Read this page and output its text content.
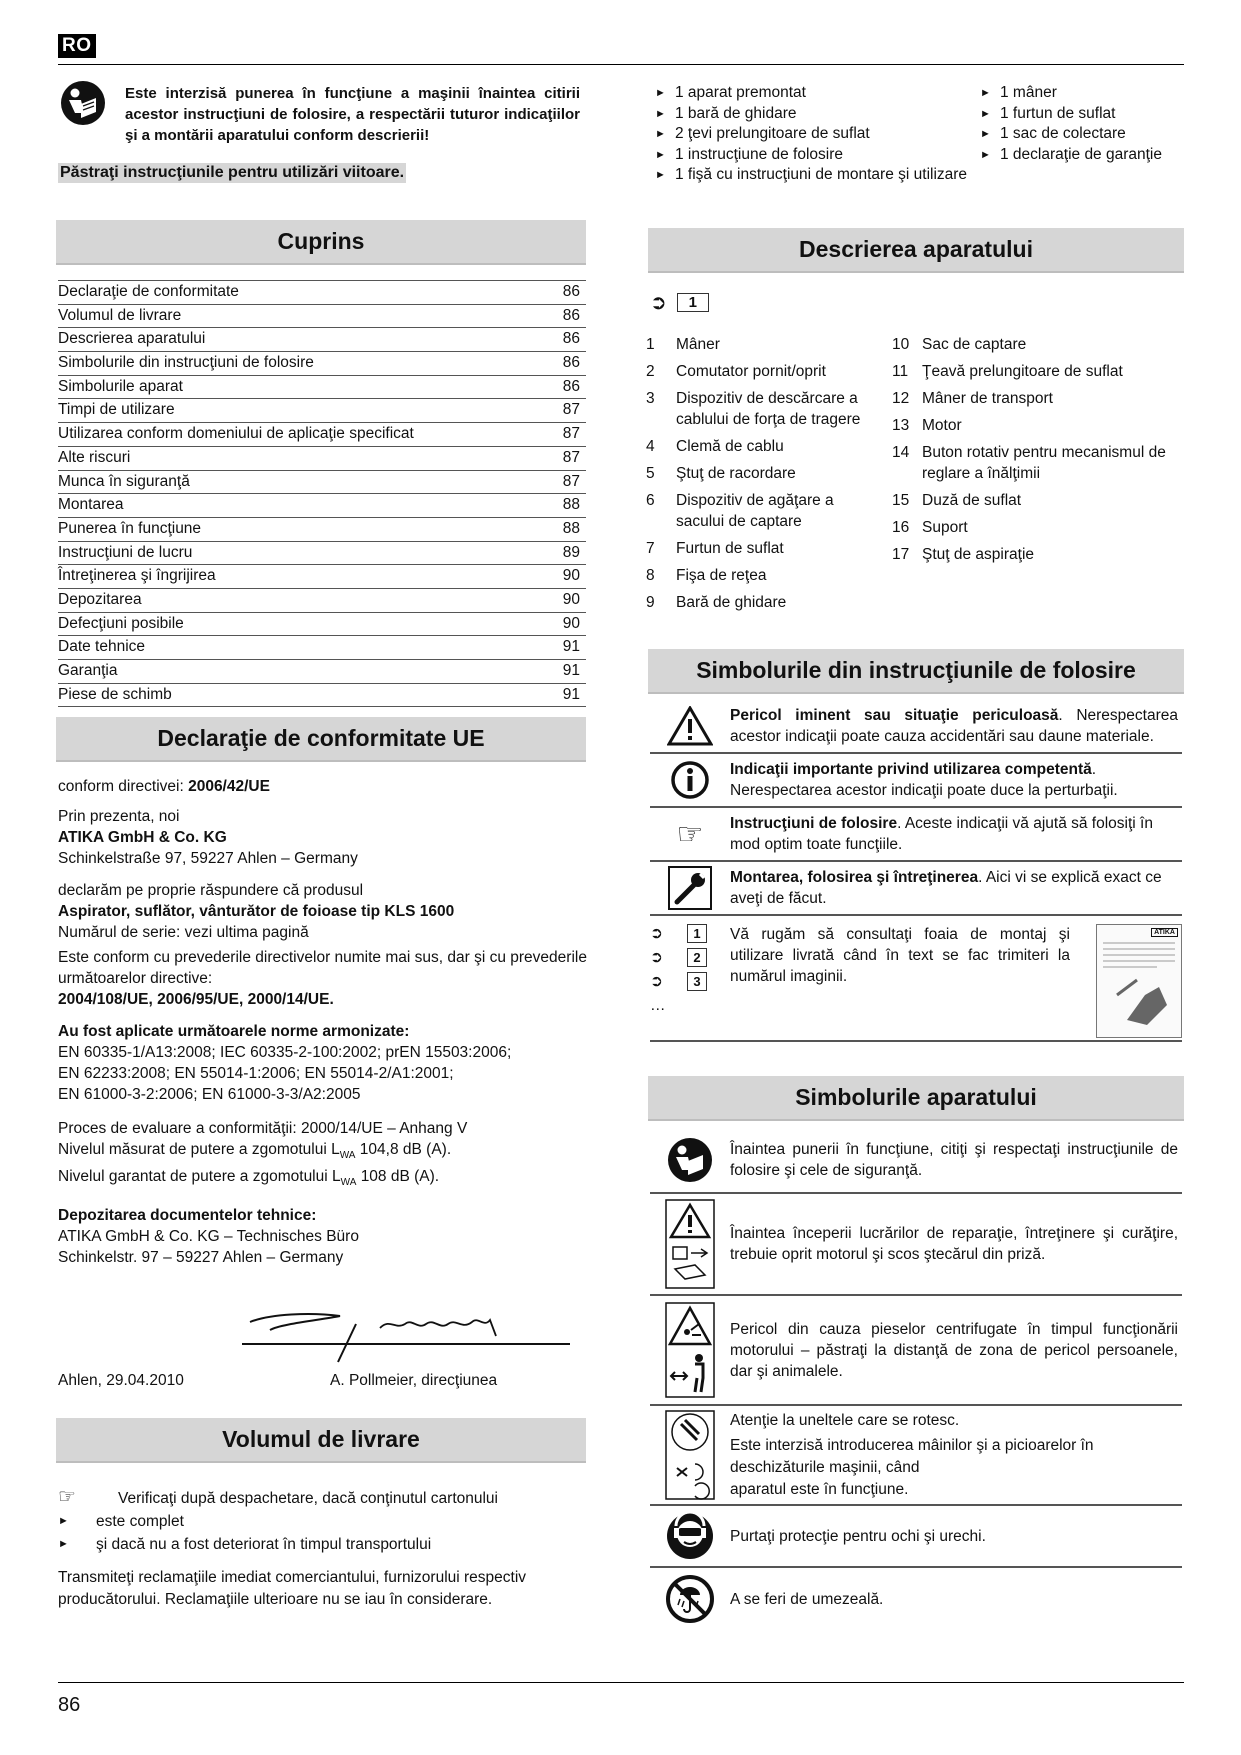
RO
Este interzisă punerea în funcţiune a maşinii înaintea citirii acestor instrucţiuni de folosire, a respectării tuturor indicaţiilor şi a montării aparatului conform descrierii!
Păstraţi instrucţiunile pentru utilizări viitoare.
Cuprins
Declaraţie de conformitate	86
Volumul de livrare	86
Descrierea aparatului	86
Simbolurile din instrucţiuni de folosire	86
Simbolurile aparat	86
Timpi de utilizare	87
Utilizarea conform domeniului de aplicaţie specificat	87
Alte riscuri	87
Munca în siguranţă	87
Montarea	88
Punerea în funcţiune	88
Instrucţiuni de lucru	89
Întreţinerea şi îngrijirea	90
Depozitarea	90
Defecţiuni posibile	90
Date tehnice	91
Garanţia	91
Piese de schimb	91
Declaraţie de conformitate UE

conform directivei: 2006/42/UE

Prin prezenta, noi

ATIKA GmbH & Co. KG

Schinkelstraße 97, 59227 Ahlen – Germany

declarăm pe proprie răspundere că produsul

Aspirator, suflător, vânturător de foioase tip KLS 1600

Numărul de serie: vezi ultima pagină

Este conform cu prevederile directivelor numite mai sus, dar şi cu prevederile următoarelor directive:

2004/108/UE, 2006/95/UE, 2000/14/UE.

Au fost aplicate următoarele norme armonizate:

EN 60335-1/A13:2008; IEC 60335-2-100:2002; prEN 15503:2006;

EN 62233:2008; EN 55014-1:2006; EN 55014-2/A1:2001;

EN 61000-3-2:2006; EN 61000-3-3/A2:2005

Proces de evaluare a conformităţii: 2000/14/UE – Anhang V

Nivelul măsurat de putere a zgomotului $L_{WA}$ 104,8 dB (A).

Nivelul garantat de putere a zgomotului $L_{WA}$ 108 dB (A).

Depozitarea documentelor tehnice:

ATIKA GmbH & Co. KG – Technisches Büro

Schinkelstr. 97 – 59227 Ahlen – Germany

Ahlen, 29.04.2010	A. Pollmeier, direcţiunea
Volumul de livrare
☞	Verificaţi după despachetare, dacă conţinutul cartonului
►	este complet
►	şi dacă nu a fost deteriorat în timpul transportului

Transmiteţi reclamaţiile imediat comerciantului, furnizorului respectiv producătorului. Reclamaţiile ulterioare nu se iau în considerare.

► 1 aparat premontat
► 1 bară de ghidare
► 2 ţevi prelungitoare de suflat
► 1 instrucţiune de folosire
► 1 fişă cu instrucţiuni de montare şi utilizare
► 1 mâner
► 1 furtun de suflat
► 1 sac de colectare
► 1 declaraţie de garanţie
Descrierea aparatului
➲	1
1	Mâner
2	Comutator pornit/oprit
3	Dispozitiv de descărcare a cablului de forţa de tragere
4	Clemă de cablu
5	Ştuţ de racordare
6	Dispozitiv de agăţare a sacului de captare
7	Furtun de suflat
8	Fişa de reţea
9	Bară de ghidare
10 Sac de captare
11 Ţeavă prelungitoare de suflat
12 Mâner de transport
13 Motor
14 Buton rotativ pentru mecanismul de reglare a înălţimii
15 Duză de suflat
16 Suport
17 Ştuţ de aspiraţie
Simbolurile din instrucţiunile de folosire
Pericol iminent sau situaţie periculoasă. Nerespectarea acestor indicaţii poate cauza accidentări sau daune materiale.
Indicaţii importante privind utilizarea competentă. Nerespectarea acestor indicaţii poate duce la perturbaţii.
☞	Instrucţiuni de folosire. Aceste indicaţii vă ajută să folosiţi în mod optim toate funcţiile.
Montarea, folosirea şi întreţinerea. Aici vi se explică exact ce aveţi de făcut.
➲ 1
➲ 2
➲ 3
…
Vă rugăm să consultaţi foaia de montaj şi utilizare livrată când în text se fac trimiteri la numărul imaginii.
ATIKA
Simbolurile aparatului
Înaintea punerii în funcţiune, citiţi şi respectaţi instrucţiunile de folosire şi cele de siguranţă.
Înaintea începerii lucrărilor de reparaţie, întreţinere şi curăţire, trebuie oprit motorul şi scos ştecărul din priză.
Pericol din cauza pieselor centrifugate în timpul funcţionării motorului – păstraţi la distanţă de zona de pericol persoanele, dar şi animalele.

Atenţie la uneltele care se rotesc.

Este interzisă introducerea mâinilor şi a picioarelor în deschizăturile maşinii, când

aparatul este în funcţiune.

Purtaţi protecţie pentru ochi şi urechi.
A se feri de umezeală.
86
